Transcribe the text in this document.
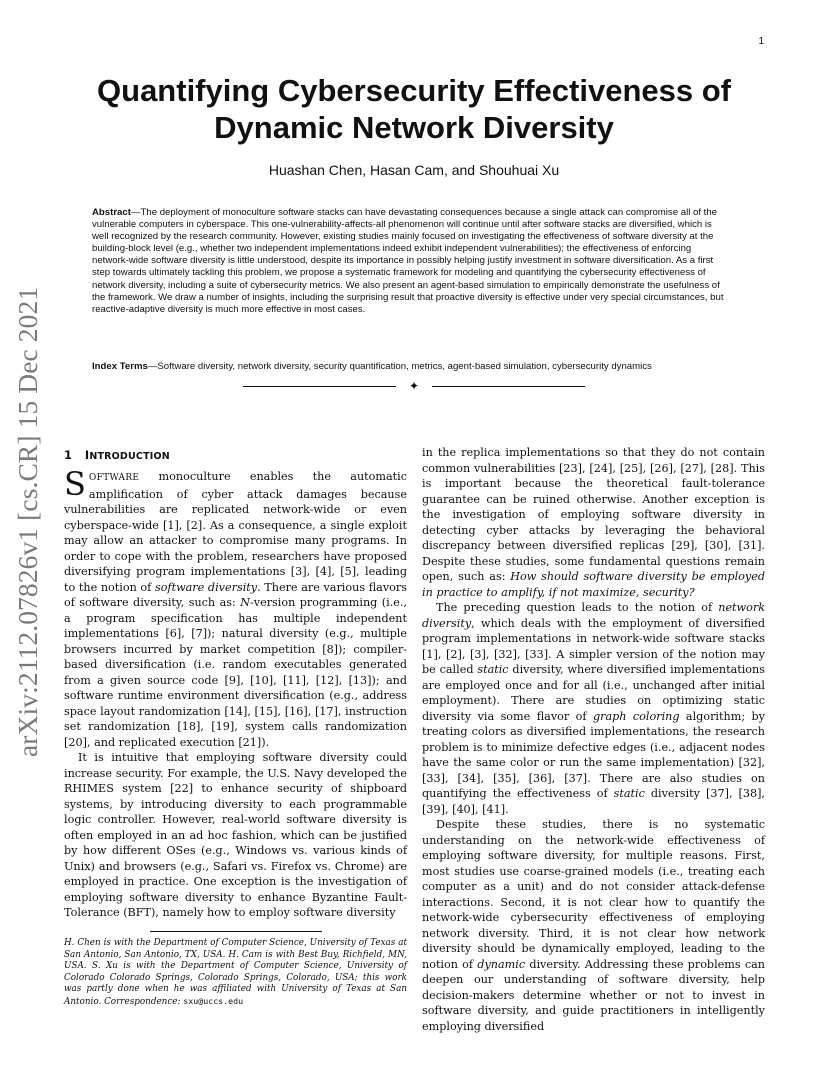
1
arXiv:2112.07826v1 [cs.CR] 15 Dec 2021
Quantifying Cybersecurity Effectiveness of
Dynamic Network Diversity
Huashan Chen, Hasan Cam, and Shouhuai Xu

Abstract—The deployment of monoculture software stacks can have devastating consequences because a single attack can compromise all of the vulnerable computers in cyberspace. This one-vulnerability-affects-all phenomenon will continue until after software stacks are diversified, which is well recognized by the research community. However, existing studies mainly focused on investigating the effectiveness of software diversity at the building-block level (e.g., whether two independent implementations indeed exhibit independent vulnerabilities); the effectiveness of enforcing network-wide software diversity is little understood, despite its importance in possibly helping justify investment in software diversification. As a first step towards ultimately tackling this problem, we propose a systematic framework for modeling and quantifying the cybersecurity effectiveness of network diversity, including a suite of cybersecurity metrics. We also present an agent-based simulation to empirically demonstrate the usefulness of the framework. We draw a number of insights, including the surprising result that proactive diversity is effective under very special circumstances, but reactive-adaptive diversity is much more effective in most cases.

Index Terms—Software diversity, network diversity, security quantification, metrics, agent-based simulation, cybersecurity dynamics

✦
1 INTRODUCTION

SOFTWARE monoculture enables the automatic amplification of cyber attack damages because vulnerabilities are replicated network-wide or even cyberspace-wide [1], [2]. As a consequence, a single exploit may allow an attacker to compromise many programs. In order to cope with the problem, researchers have proposed diversifying program implementations [3], [4], [5], leading to the notion of software diversity. There are various flavors of software diversity, such as: N-version programming (i.e., a program specification has multiple independent implementations [6], [7]); natural diversity (e.g., multiple browsers incurred by market competition [8]); compiler-based diversification (i.e. random executables generated from a given source code [9], [10], [11], [12], [13]); and software runtime environment diversification (e.g., address space layout randomization [14], [15], [16], [17], instruction set randomization [18], [19], system calls randomization [20], and replicated execution [21]).

It is intuitive that employing software diversity could increase security. For example, the U.S. Navy developed the RHIMES system [22] to enhance security of shipboard systems, by introducing diversity to each programmable logic controller. However, real-world software diversity is often employed in an ad hoc fashion, which can be justified by how different OSes (e.g., Windows vs. various kinds of Unix) and browsers (e.g., Safari vs. Firefox vs. Chrome) are employed in practice. One exception is the investigation of employing software diversity to enhance Byzantine Fault-Tolerance (BFT), namely how to employ software diversity

H. Chen is with the Department of Computer Science, University of Texas at San Antonio, San Antonio, TX, USA. H. Cam is with Best Buy, Richfield, MN, USA. S. Xu is with the Department of Computer Science, University of Colorado Colorado Springs, Colorado Springs, Colorado, USA; this work was partly done when he was affiliated with University of Texas at San Antonio. Correspondence: sxu@uccs.edu

in the replica implementations so that they do not contain common vulnerabilities [23], [24], [25], [26], [27], [28]. This is important because the theoretical fault-tolerance guarantee can be ruined otherwise. Another exception is the investigation of employing software diversity in detecting cyber attacks by leveraging the behavioral discrepancy between diversified replicas [29], [30], [31]. Despite these studies, some fundamental questions remain open, such as: How should software diversity be employed in practice to amplify, if not maximize, security?

The preceding question leads to the notion of network diversity, which deals with the employment of diversified program implementations in network-wide software stacks [1], [2], [3], [32], [33]. A simpler version of the notion may be called static diversity, where diversified implementations are employed once and for all (i.e., unchanged after initial employment). There are studies on optimizing static diversity via some flavor of graph coloring algorithm; by treating colors as diversified implementations, the research problem is to minimize defective edges (i.e., adjacent nodes have the same color or run the same implementation) [32], [33], [34], [35], [36], [37]. There are also studies on quantifying the effectiveness of static diversity [37], [38], [39], [40], [41].

Despite these studies, there is no systematic understanding on the network-wide effectiveness of employing software diversity, for multiple reasons. First, most studies use coarse-grained models (i.e., treating each computer as a unit) and do not consider attack-defense interactions. Second, it is not clear how to quantify the network-wide cybersecurity effectiveness of employing network diversity. Third, it is not clear how network diversity should be dynamically employed, leading to the notion of dynamic diversity. Addressing these problems can deepen our understanding of software diversity, help decision-makers determine whether or not to invest in software diversity, and guide practitioners in intelligently employing diversified
